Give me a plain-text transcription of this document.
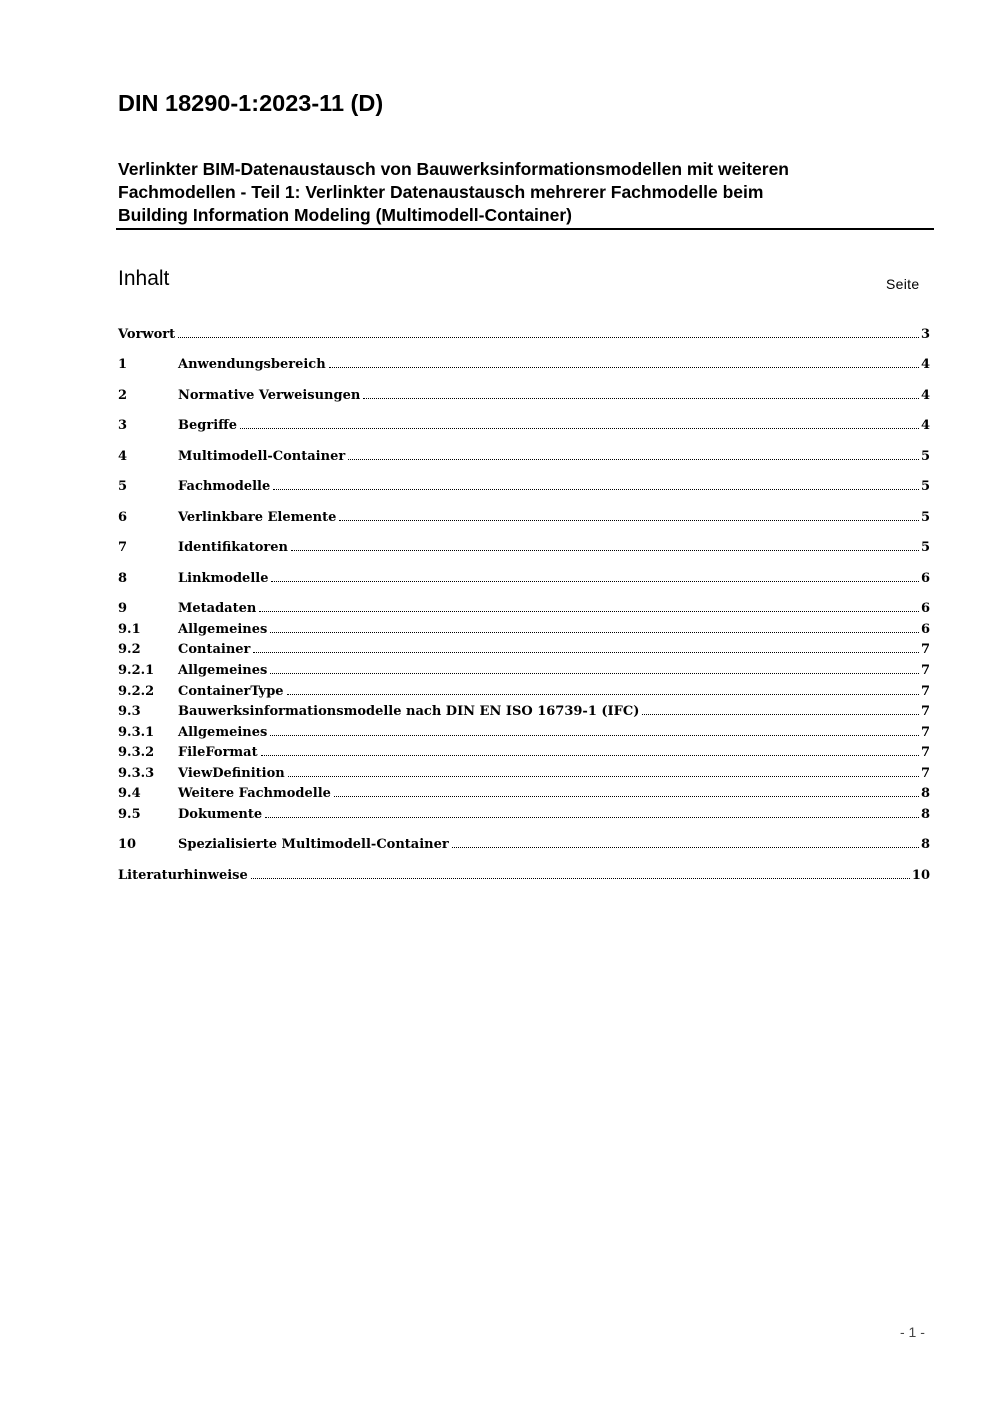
DIN 18290-1:2023-11 (D)
Verlinkter BIM-Datenaustausch von Bauwerksinformationsmodellen mit weiteren
Fachmodellen - Teil 1: Verlinkter Datenaustausch mehrerer Fachmodelle beim
Building Information Modeling (Multimodell-Container)
Inhalt	Seite
Vorwort	3
1	Anwendungsbereich	4
2	Normative Verweisungen	4
3	Begriffe	4
4	Multimodell-Container	5
5	Fachmodelle	5
6	Verlinkbare Elemente	5
7	Identifikatoren	5
8	Linkmodelle	6
9	Metadaten	6
9.1	Allgemeines	6
9.2	Container	7
9.2.1	Allgemeines	7
9.2.2	ContainerType	7
9.3	Bauwerksinformationsmodelle nach DIN EN ISO 16739-1 (IFC)	7
9.3.1	Allgemeines	7
9.3.2	FileFormat	7
9.3.3	ViewDefinition	7
9.4	Weitere Fachmodelle	8
9.5	Dokumente	8
10	Spezialisierte Multimodell-Container	8
Literaturhinweise	10
- 1 -
